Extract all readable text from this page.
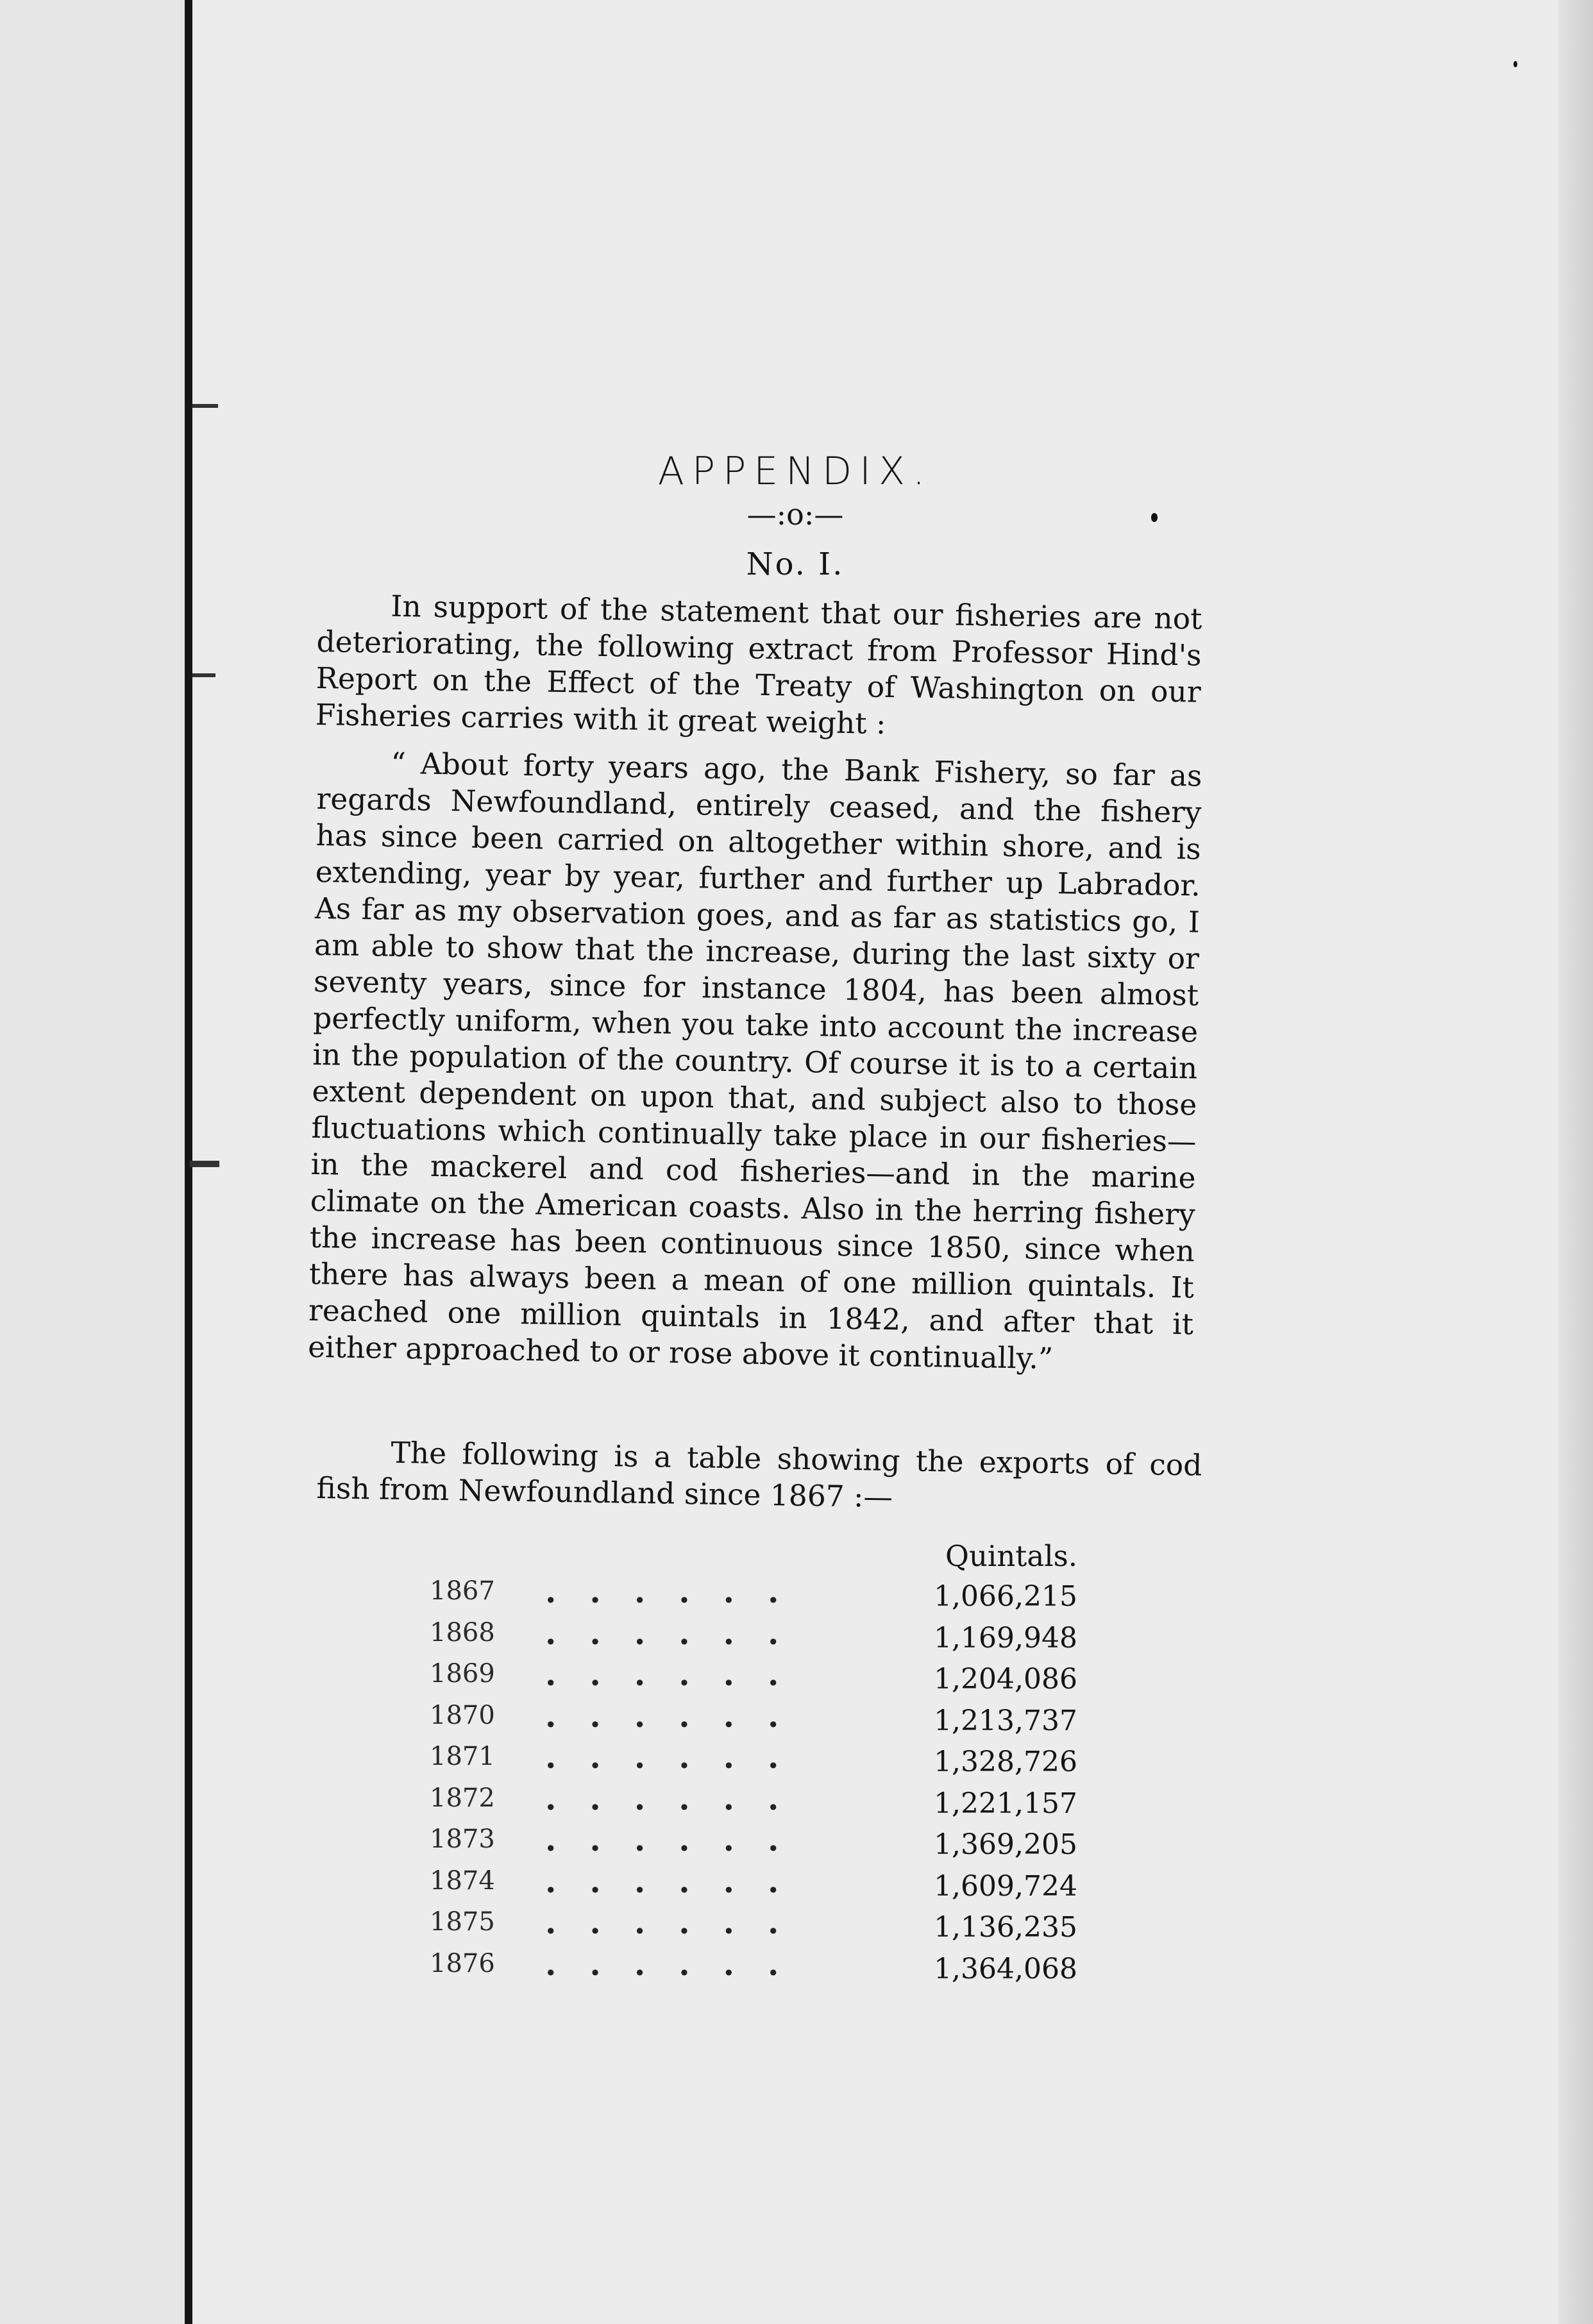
APPENDIX.
—:o:—
No. I.

In support of the statement that our fisheries are not deteriorating, the following extract from Professor Hind's Report on the Effect of the Treaty of Washington on our Fisheries carries with it great weight :

“ About forty years ago, the Bank Fishery, so far as regards Newfoundland, entirely ceased, and the fishery has since been carried on altogether within shore, and is extending, year by year, further and further up Labrador. As far as my observation goes, and as far as statistics go, I am able to show that the increase, during the last sixty or seventy years, since for instance 1804, has been almost perfectly uniform, when you take into account the increase in the population of the country. Of course it is to a certain extent dependent on upon that, and subject also to those fluctuations which continually take place in our fisheries—in the mackerel and cod fisheries—and in the marine climate on the American coasts. Also in the herring fishery the increase has been continuous since 1850, since when there has always been a mean of one million quintals. It reached one million quintals in 1842, and after that it either approached to or rose above it continually.”

The following is a table showing the exports of cod fish from Newfoundland since 1867 :—

Quintals.
1867 ......	1,066,215
1868 ......	1,169,948
1869 ......	1,204,086
1870 ......	1,213,737
1871 ......	1,328,726
1872 ......	1,221,157
1873 ......	1,369,205
1874 ......	1,609,724
1875 ......	1,136,235
1876 ......	1,364,068
